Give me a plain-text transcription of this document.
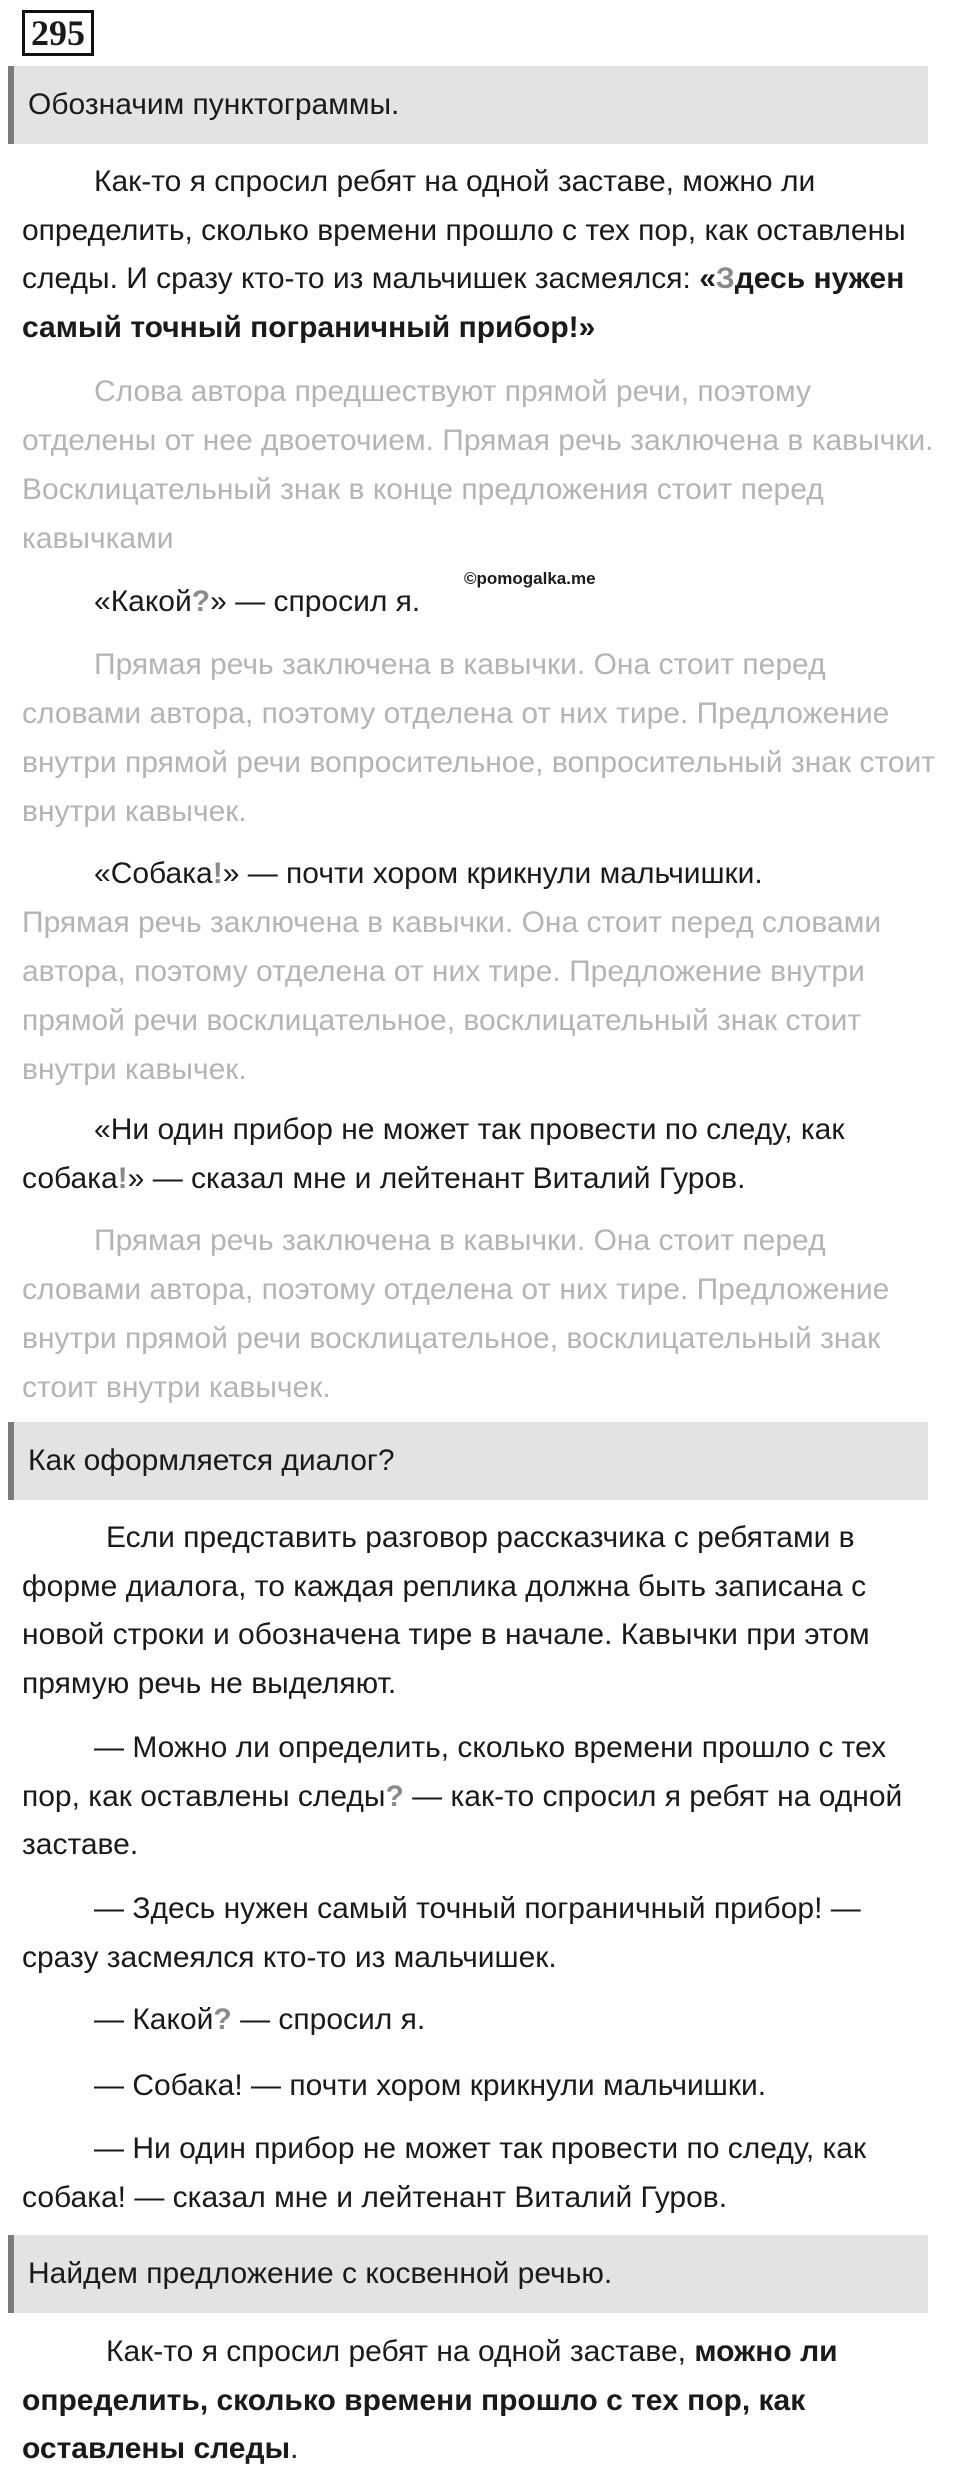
295
Обозначим пунктограммы.

Как-то я спросил ребят на одной заставе, можно ли определить, сколько времени прошло с тех пор, как оставлены следы. И сразу кто-то из мальчишек засмеялся: «Здесь нужен самый точный пограничный прибор!»

Слова автора предшествуют прямой речи, поэтому отделены от нее двоеточием. Прямая речь заключена в кавычки. Восклицательный знак в конце предложения стоит перед кавычками

«Какой?» — спросил я.

©pomogalka.me

Прямая речь заключена в кавычки. Она стоит перед словами автора, поэтому отделена от них тире. Предложение внутри прямой речи вопросительное, вопросительный знак стоит внутри кавычек.

«Собака!» — почти хором крикнули мальчишки.

Прямая речь заключена в кавычки. Она стоит перед словами автора, поэтому отделена от них тире. Предложение внутри прямой речи восклицательное, восклицательный знак стоит внутри кавычек.

«Ни один прибор не может так провести по следу, как собака!» — сказал мне и лейтенант Виталий Гуров.

Прямая речь заключена в кавычки. Она стоит перед словами автора, поэтому отделена от них тире. Предложение внутри прямой речи восклицательное, восклицательный знак стоит внутри кавычек.

Как оформляется диалог?

Если представить разговор рассказчика с ребятами в форме диалога, то каждая реплика должна быть записана с новой строки и обозначена тире в начале. Кавычки при этом прямую речь не выделяют.

— Можно ли определить, сколько времени прошло с тех пор, как оставлены следы? — как-то спросил я ребят на одной заставе.

— Здесь нужен самый точный пограничный прибор! — сразу засмеялся кто-то из мальчишек.

— Какой? — спросил я.

— Собака! — почти хором крикнули мальчишки.

— Ни один прибор не может так провести по следу, как собака! — сказал мне и лейтенант Виталий Гуров.

Найдем предложение с косвенной речью.

Как-то я спросил ребят на одной заставе, можно ли определить, сколько времени прошло с тех пор, как оставлены следы.
